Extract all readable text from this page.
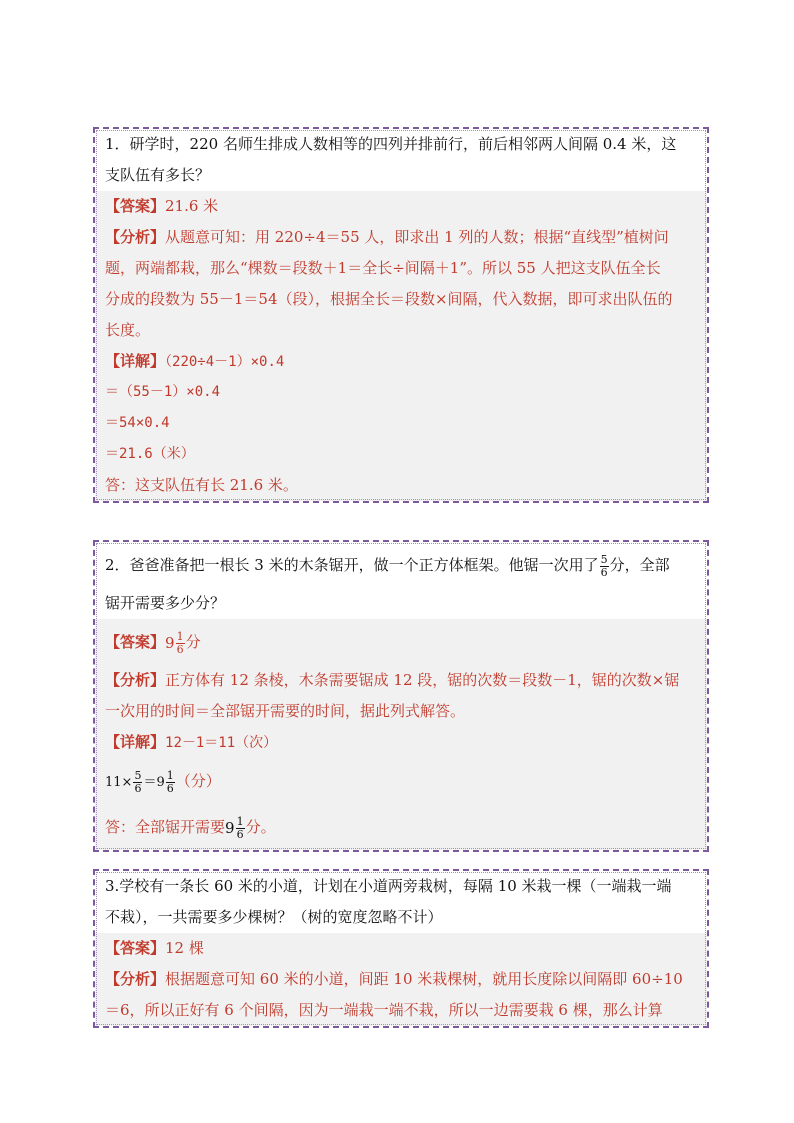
1．研学时，220 名师生排成人数相等的四列并排前行，前后相邻两人间隔 0.4 米，这
支队伍有多长？
【答案】21.6 米
【分析】从题意可知：用 220÷4＝55 人，即求出 1 列的人数；根据“直线型”植树问
题，两端都栽，那么“棵数＝段数＋1＝全长÷间隔＋1”。所以 55 人把这支队伍全长
分成的段数为 55－1＝54（段），根据全长＝段数×间隔，代入数据，即可求出队伍的
长度。
【详解】（220÷4－1）×0.4
＝（55－1）×0.4
＝54×0.4
＝21.6（米）
答：这支队伍有长 21.6 米。
2．爸爸准备把一根长 3 米的木条锯开，做一个正方体框架。他锯一次用了 $\frac{5}{6}$ 分，全部
锯开需要多少分？
【答案】 $9 \frac{1}{6}$ 分
【分析】正方体有 12 条棱，木条需要锯成 12 段，锯的次数＝段数－1，锯的次数×锯
一次用的时间＝全部锯开需要的时间，据此列式解答。
【详解】12－1＝11（次）
$11\times \frac{5}{6} =9 \frac{1}{6}$ （分）
答：全部锯开需要 $9 \frac{1}{6}$ 分。
3.学校有一条长 60 米的小道，计划在小道两旁栽树，每隔 10 米栽一棵（一端栽一端
不栽），一共需要多少棵树？（树的宽度忽略不计）
【答案】12 棵
【分析】根据题意可知 60 米的小道，间距 10 米栽棵树，就用长度除以间隔即 60÷10
＝6，所以正好有 6 个间隔，因为一端栽一端不栽，所以一边需要栽 6 棵，那么计算
